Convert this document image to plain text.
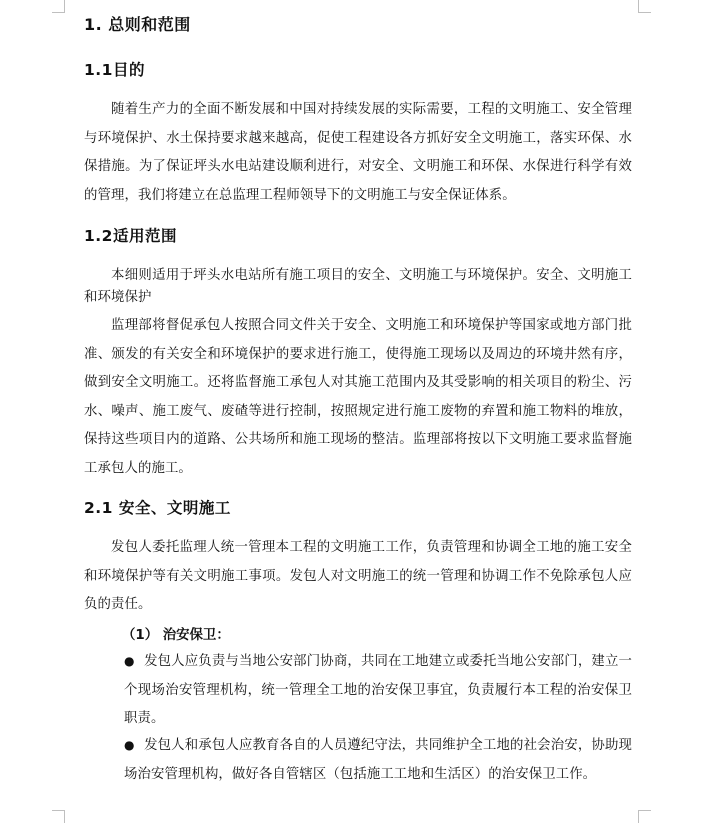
1. 总则和范围
1.1目的
随着生产力的全面不断发展和中国对持续发展的实际需要，工程的文明施工、安全管理与环境保护、水土保持要求越来越高，促使工程建设各方抓好安全文明施工，落实环保、水保措施。为了保证坪头水电站建设顺利进行，对安全、文明施工和环保、水保进行科学有效的管理，我们将建立在总监理工程师领导下的文明施工与安全保证体系。
1.2适用范围
本细则适用于坪头水电站所有施工项目的安全、文明施工与环境保护。安全、文明施工和环境保护
监理部将督促承包人按照合同文件关于安全、文明施工和环境保护等国家或地方部门批准、颁发的有关安全和环境保护的要求进行施工，使得施工现场以及周边的环境井然有序，做到安全文明施工。还将监督施工承包人对其施工范围内及其受影响的相关项目的粉尘、污水、噪声、施工废气、废碴等进行控制，按照规定进行施工废物的弃置和施工物料的堆放，保持这些项目内的道路、公共场所和施工现场的整洁。监理部将按以下文明施工要求监督施工承包人的施工。
2.1 安全、文明施工
发包人委托监理人统一管理本工程的文明施工工作，负责管理和协调全工地的施工安全和环境保护等有关文明施工事项。发包人对文明施工的统一管理和协调工作不免除承包人应负的责任。
（1） 治安保卫：
● 发包人应负责与当地公安部门协商，共同在工地建立或委托当地公安部门，建立一个现场治安管理机构，统一管理全工地的治安保卫事宜，负责履行本工程的治安保卫职责。
● 发包人和承包人应教育各自的人员遵纪守法，共同维护全工地的社会治安，协助现场治安管理机构，做好各自管辖区（包括施工工地和生活区）的治安保卫工作。
